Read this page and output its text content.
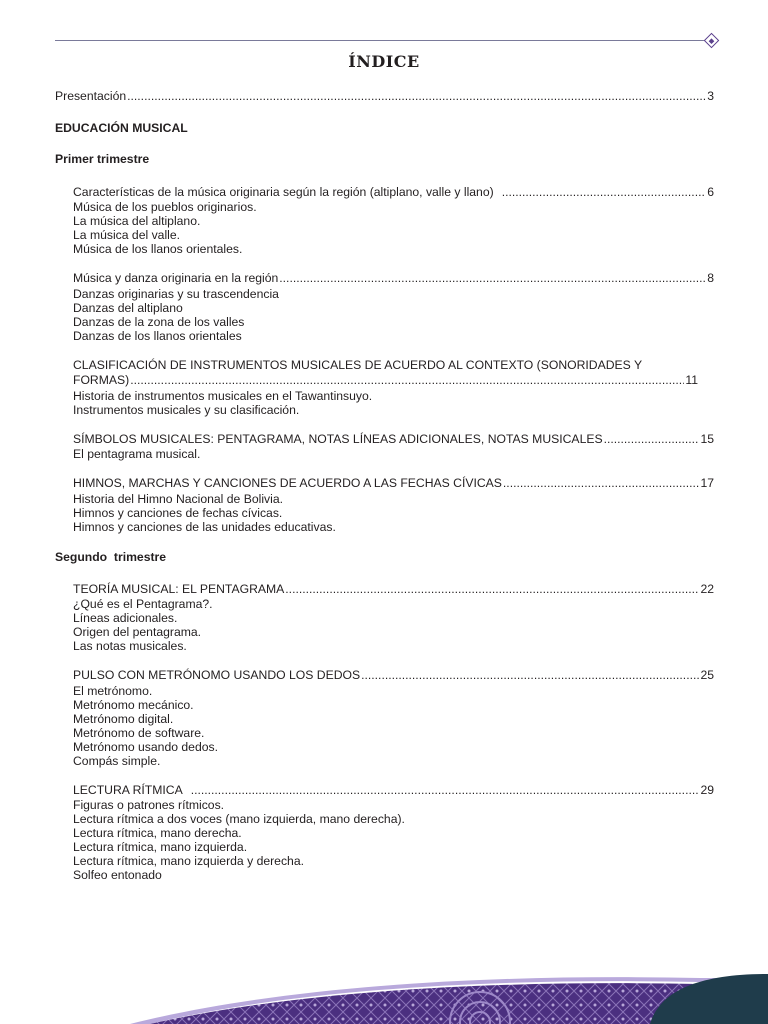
ÍNDICE
Presentación .....	3
EDUCACIÓN MUSICAL
Primer trimestre
Características de la música originaria según la región (altiplano, valle y llano) .....	6
Música de los pueblos originarios.
La música del altiplano.
La música del valle.
Música de los llanos orientales.
Música y danza originaria en la región .....	8
Danzas originarias y su trascendencia
Danzas del altiplano
Danzas de la zona de los valles
Danzas de los llanos orientales
CLASIFICACIÓN DE INSTRUMENTOS MUSICALES DE ACUERDO AL CONTEXTO (SONORIDADES Y
FORMAS) .....	11
Historia de instrumentos musicales en el Tawantinsuyo.
Instrumentos musicales y su clasificación.
SÍMBOLOS MUSICALES: PENTAGRAMA, NOTAS LÍNEAS ADICIONALES, NOTAS MUSICALES .....	15
El pentagrama musical.
HIMNOS, MARCHAS Y CANCIONES DE ACUERDO A LAS FECHAS CÍVICAS .....	17
Historia del Himno Nacional de Bolivia.
Himnos y canciones de fechas cívicas.
Himnos y canciones de las unidades educativas.
Segundo  trimestre
TEORÍA MUSICAL: EL PENTAGRAMA .....	22
¿Qué es el Pentagrama?.
Líneas adicionales.
Origen del pentagrama.
Las notas musicales.
PULSO CON METRÓNOMO USANDO LOS DEDOS .....	25
El metrónomo.
Metrónomo mecánico.
Metrónomo digital.
Metrónomo de software.
Metrónomo usando dedos.
Compás simple.
LECTURA RÍTMICA .....	29
Figuras o patrones rítmicos.
Lectura rítmica a dos voces (mano izquierda, mano derecha).
Lectura rítmica, mano derecha.
Lectura rítmica, mano izquierda.
Lectura rítmica, mano izquierda y derecha.
Solfeo entonado
